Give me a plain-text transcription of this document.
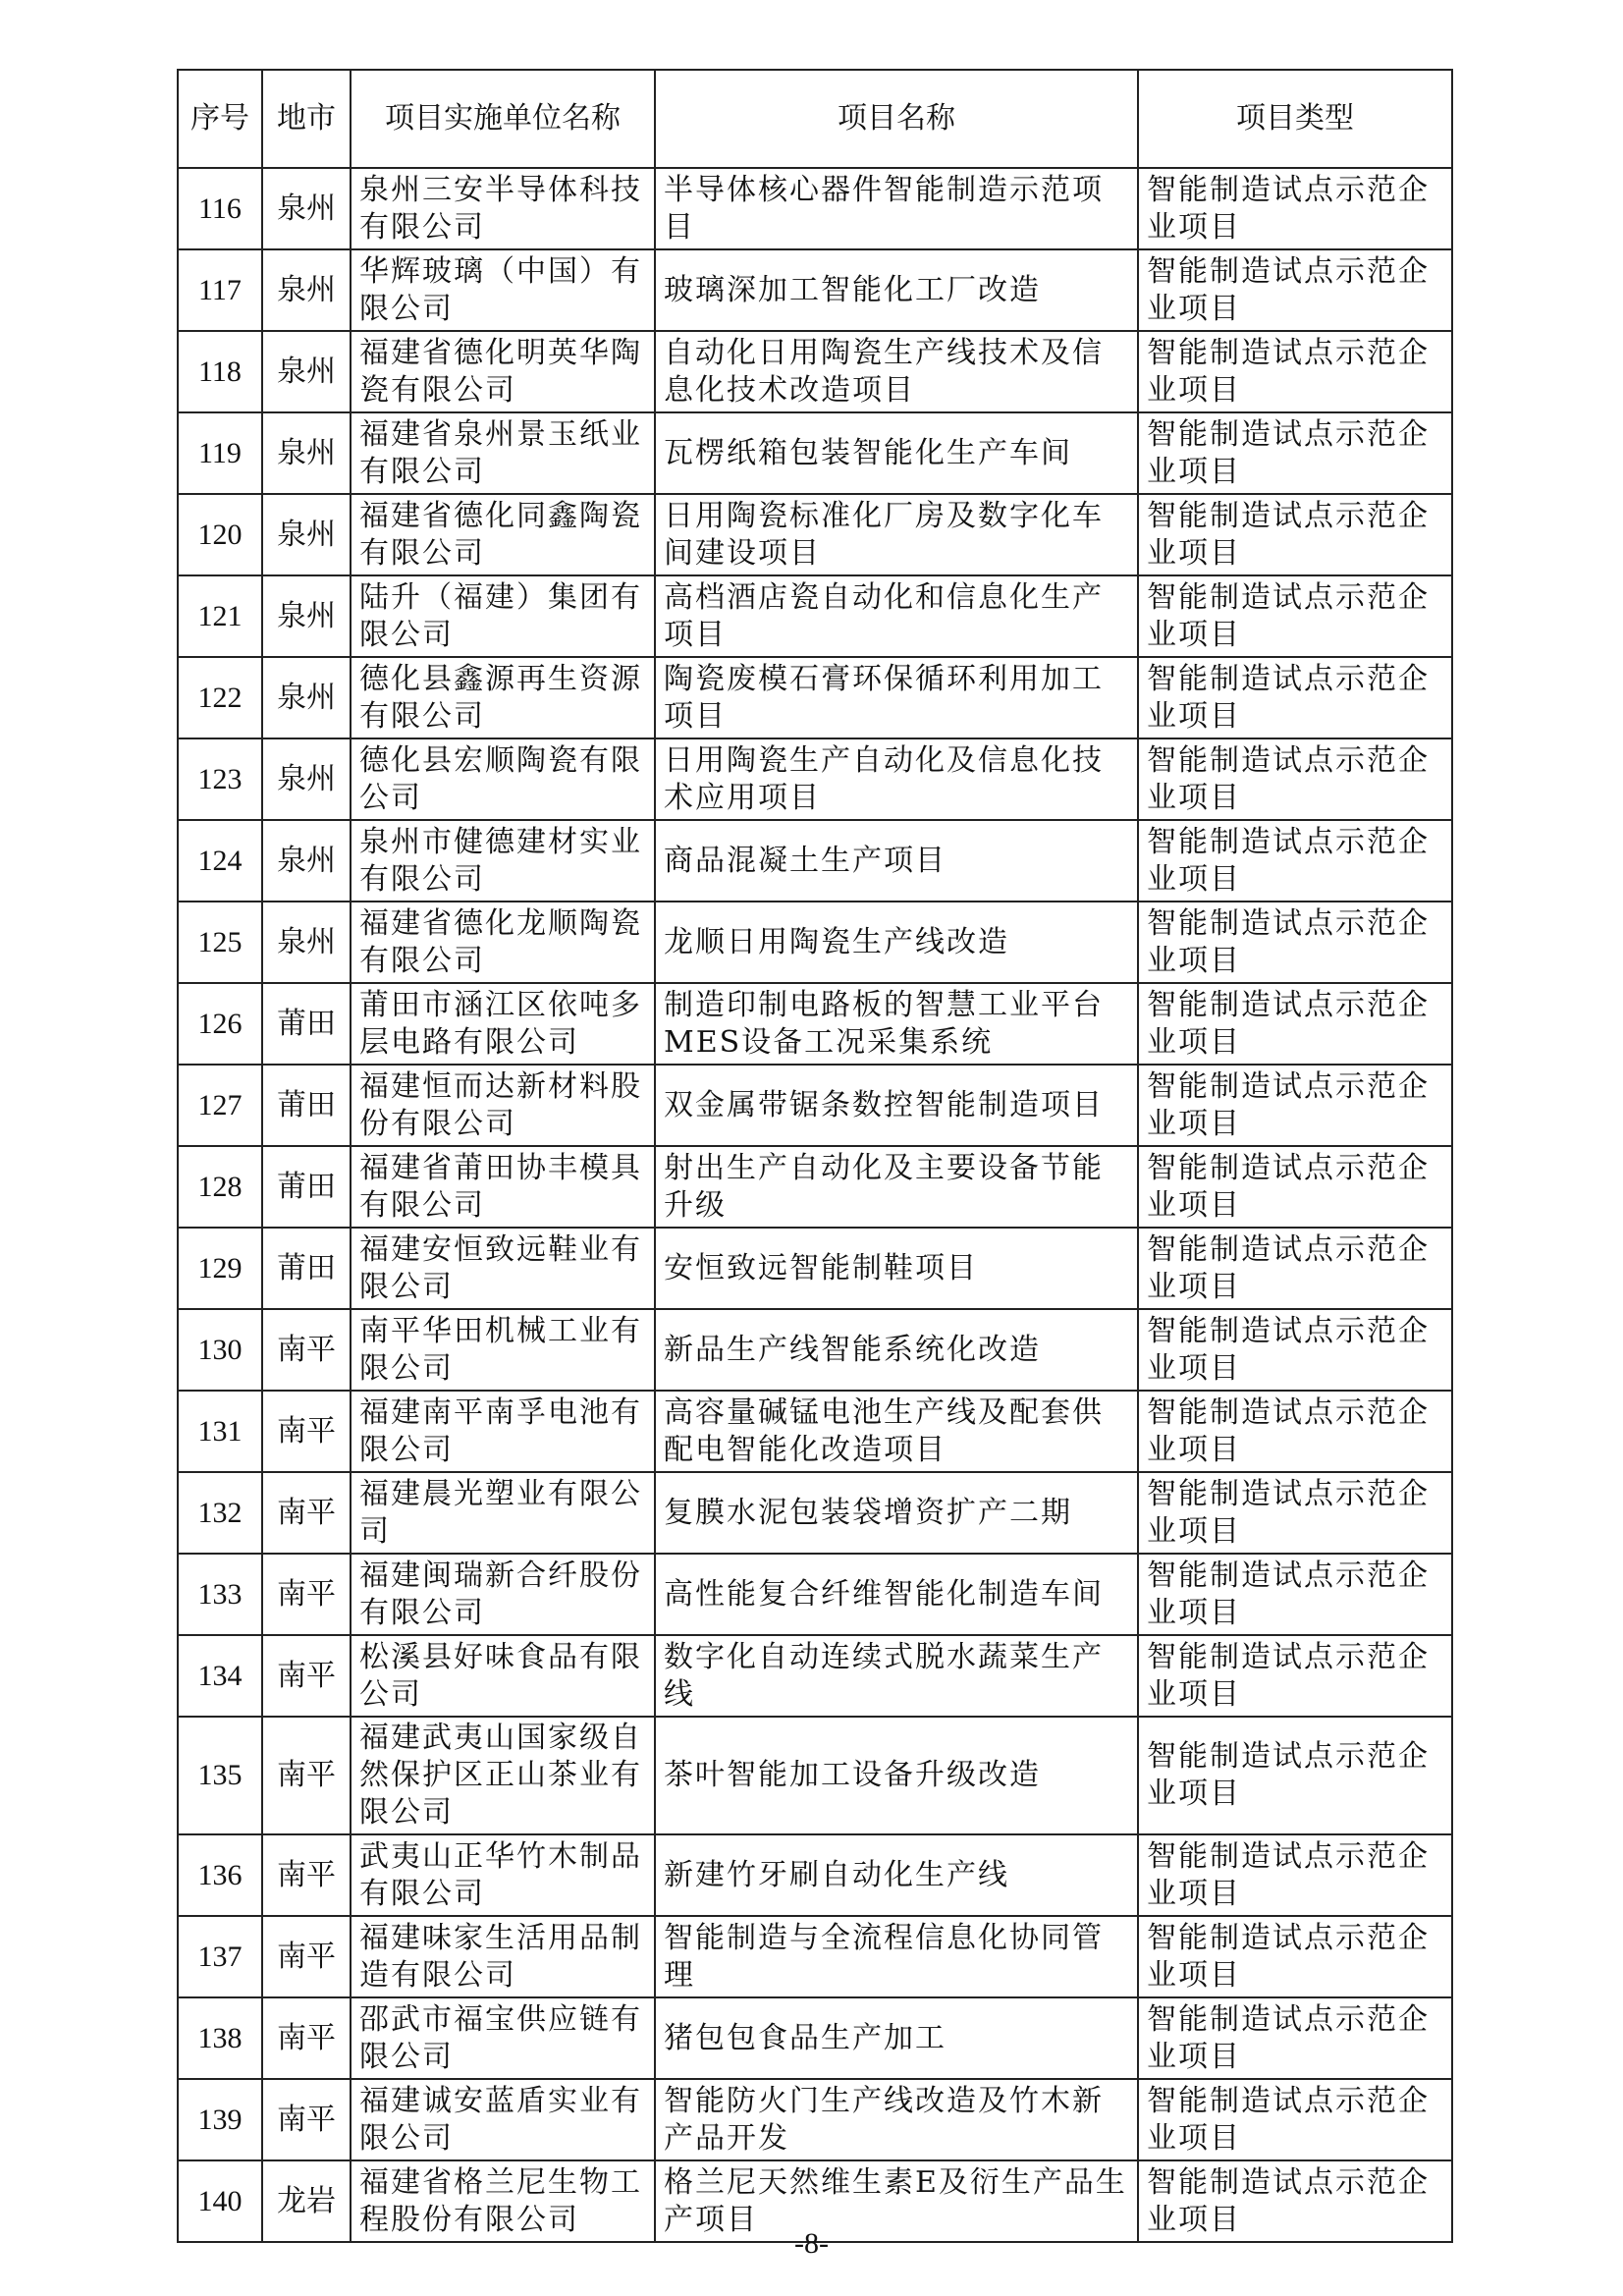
序号	地市	项目实施单位名称	项目名称	项目类型
116	泉州	泉州三安半导体科技有限公司	半导体核心器件智能制造示范项目	智能制造试点示范企业项目
117	泉州	华辉玻璃（中国）有限公司	玻璃深加工智能化工厂改造	智能制造试点示范企业项目
118	泉州	福建省德化明英华陶瓷有限公司	自动化日用陶瓷生产线技术及信息化技术改造项目	智能制造试点示范企业项目
119	泉州	福建省泉州景玉纸业有限公司	瓦楞纸箱包装智能化生产车间	智能制造试点示范企业项目
120	泉州	福建省德化同鑫陶瓷有限公司	日用陶瓷标准化厂房及数字化车间建设项目	智能制造试点示范企业项目
121	泉州	陆升（福建）集团有限公司	高档酒店瓷自动化和信息化生产项目	智能制造试点示范企业项目
122	泉州	德化县鑫源再生资源有限公司	陶瓷废模石膏环保循环利用加工项目	智能制造试点示范企业项目
123	泉州	德化县宏顺陶瓷有限公司	日用陶瓷生产自动化及信息化技术应用项目	智能制造试点示范企业项目
124	泉州	泉州市健德建材实业有限公司	商品混凝土生产项目	智能制造试点示范企业项目
125	泉州	福建省德化龙顺陶瓷有限公司	龙顺日用陶瓷生产线改造	智能制造试点示范企业项目
126	莆田	莆田市涵江区依吨多层电路有限公司	制造印制电路板的智慧工业平台MES设备工况采集系统	智能制造试点示范企业项目
127	莆田	福建恒而达新材料股份有限公司	双金属带锯条数控智能制造项目	智能制造试点示范企业项目
128	莆田	福建省莆田协丰模具有限公司	射出生产自动化及主要设备节能升级	智能制造试点示范企业项目
129	莆田	福建安恒致远鞋业有限公司	安恒致远智能制鞋项目	智能制造试点示范企业项目
130	南平	南平华田机械工业有限公司	新品生产线智能系统化改造	智能制造试点示范企业项目
131	南平	福建南平南孚电池有限公司	高容量碱锰电池生产线及配套供配电智能化改造项目	智能制造试点示范企业项目
132	南平	福建晨光塑业有限公司	复膜水泥包装袋增资扩产二期	智能制造试点示范企业项目
133	南平	福建闽瑞新合纤股份有限公司	高性能复合纤维智能化制造车间	智能制造试点示范企业项目
134	南平	松溪县好味食品有限公司	数字化自动连续式脱水蔬菜生产线	智能制造试点示范企业项目
135	南平	福建武夷山国家级自然保护区正山茶业有限公司	茶叶智能加工设备升级改造	智能制造试点示范企业项目
136	南平	武夷山正华竹木制品有限公司	新建竹牙刷自动化生产线	智能制造试点示范企业项目
137	南平	福建味家生活用品制造有限公司	智能制造与全流程信息化协同管理	智能制造试点示范企业项目
138	南平	邵武市福宝供应链有限公司	猪包包食品生产加工	智能制造试点示范企业项目
139	南平	福建诚安蓝盾实业有限公司	智能防火门生产线改造及竹木新产品开发	智能制造试点示范企业项目
140	龙岩	福建省格兰尼生物工程股份有限公司	格兰尼天然维生素E及衍生产品生产项目	智能制造试点示范企业项目
-8-
